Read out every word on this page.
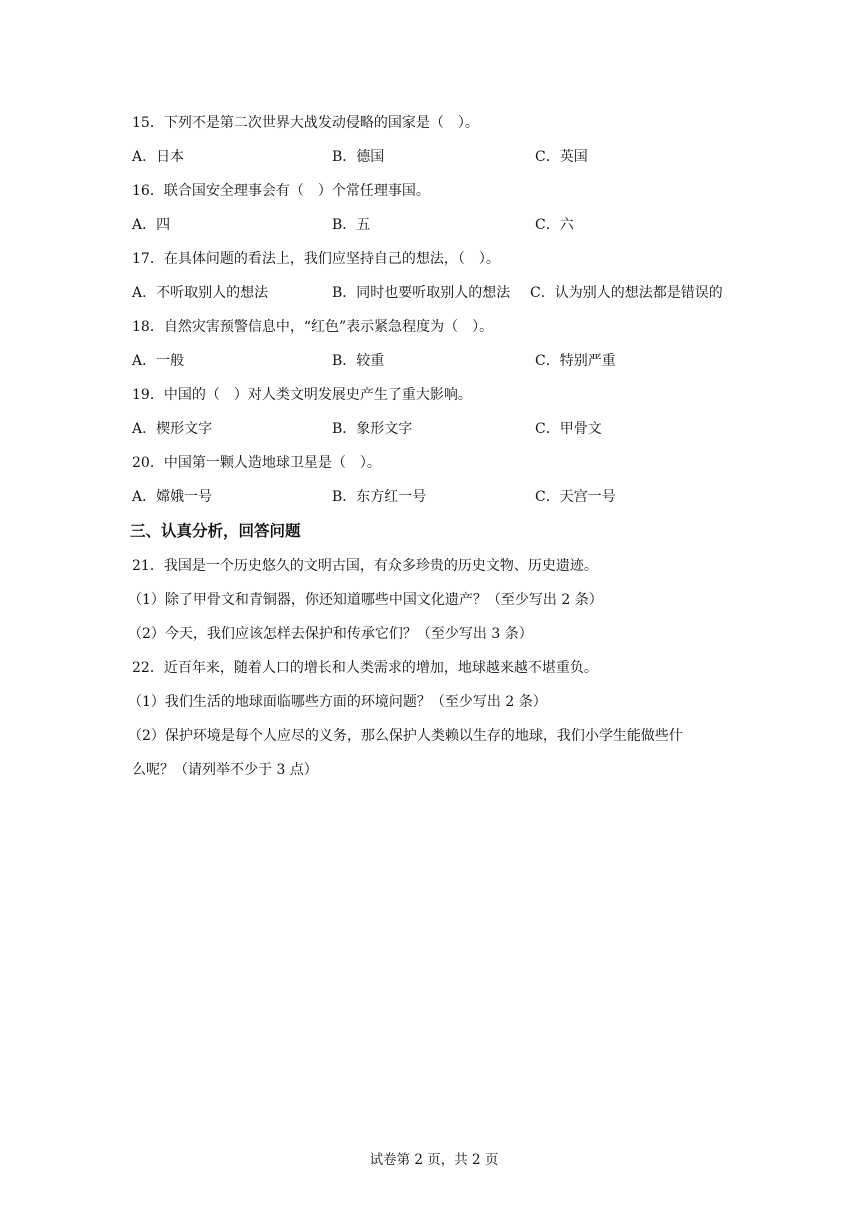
15．下列不是第二次世界大战发动侵略的国家是（　）。
A．日本	B．德国	C．英国
16．联合国安全理事会有（　）个常任理事国。
A．四	B．五	C．六
17．在具体问题的看法上，我们应坚持自己的想法，（　）。
A．不听取别人的想法	B．同时也要听取别人的想法 C．认为别人的想法都是错误的
18．自然灾害预警信息中，“红色”表示紧急程度为（　）。
A．一般	B．较重	C．特别严重
19．中国的（　）对人类文明发展史产生了重大影响。
A．楔形文字	B．象形文字	C．甲骨文
20．中国第一颗人造地球卫星是（　）。
A．嫦娥一号	B．东方红一号	C．天宫一号
三、认真分析，回答问题
21．我国是一个历史悠久的文明古国，有众多珍贵的历史文物、历史遗迹。
（1）除了甲骨文和青铜器，你还知道哪些中国文化遗产？（至少写出 2 条）
（2）今天，我们应该怎样去保护和传承它们？（至少写出 3 条）
22．近百年来，随着人口的增长和人类需求的增加，地球越来越不堪重负。
（1）我们生活的地球面临哪些方面的环境问题？（至少写出 2 条）
（2）保护环境是每个人应尽的义务，那么保护人类赖以生存的地球，我们小学生能做些什
么呢？（请列举不少于 3 点）
试卷第 2 页，共 2 页
